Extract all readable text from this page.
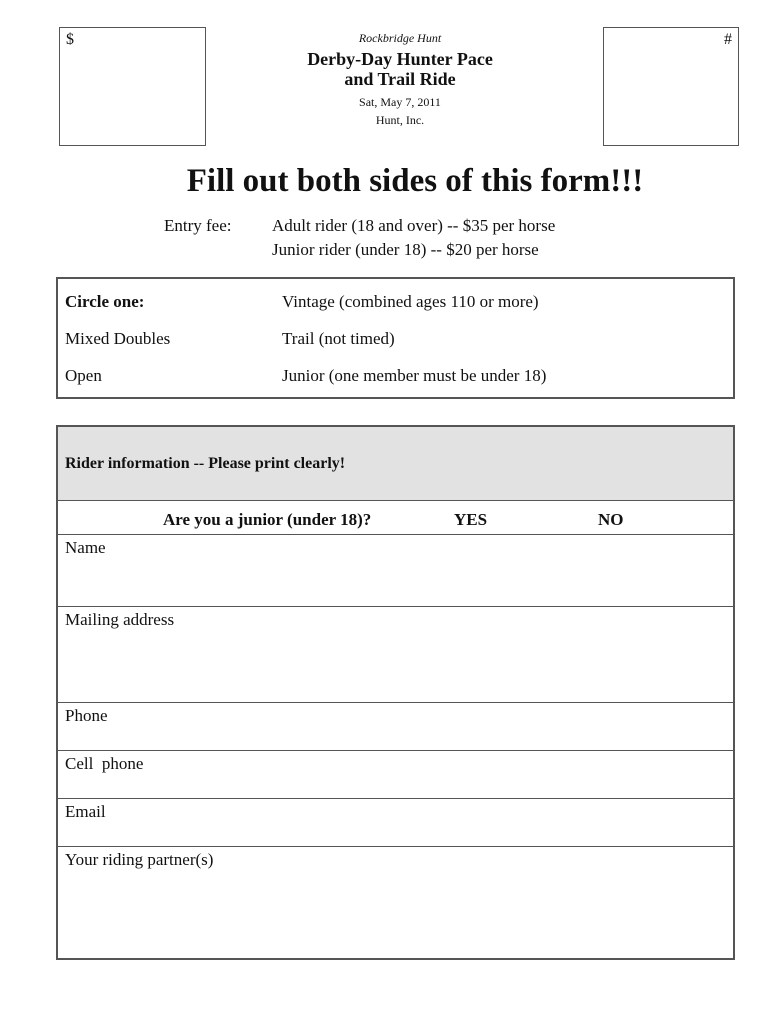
$	#
Rockbridge Hunt
Derby-Day Hunter Pace
and Trail Ride
Sat, May 7, 2011
Hunt, Inc.
Fill out both sides of this form!!!
Entry fee: Adult rider (18 and over) -- $35 per horse
Junior rider (under 18) -- $20 per horse
Circle one:	Vintage (combined ages 110 or more)
Mixed Doubles	Trail (not timed)
Open	Junior (one member must be under 18)
Rider information -- Please print clearly!
Are you a junior (under 18)?	YES	NO
Name
Mailing address
Phone
Cell  phone
Email
Your riding partner(s)
